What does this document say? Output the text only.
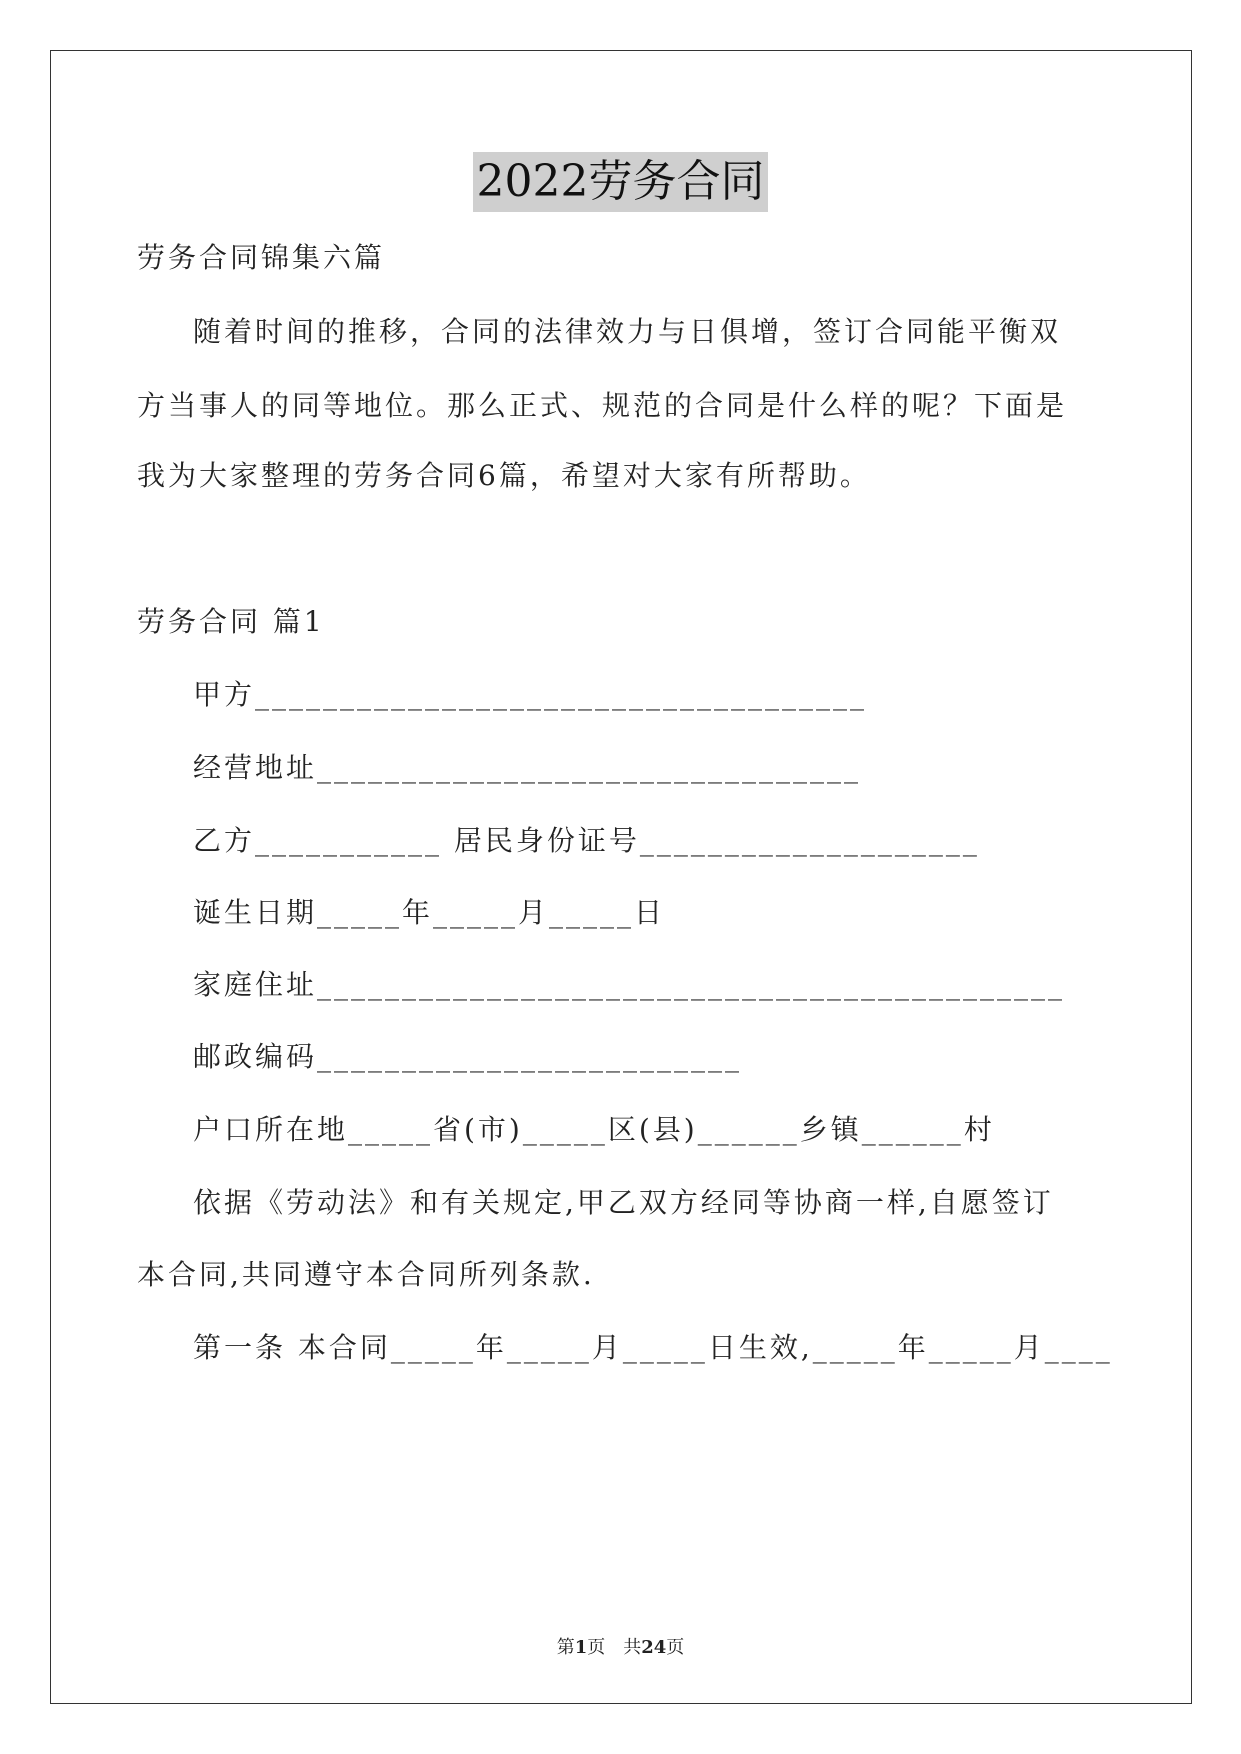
2022劳务合同
劳务合同锦集六篇
随着时间的推移，合同的法律效力与日俱增，签订合同能平衡双
方当事人的同等地位。那么正式、规范的合同是什么样的呢？下面是
我为大家整理的劳务合同6篇，希望对大家有所帮助。
劳务合同 篇1
甲方____________________________________
经营地址________________________________
乙方___________ 居民身份证号____________________
诞生日期_____年_____月_____日
家庭住址____________________________________________
邮政编码_________________________
户口所在地_____省(市)_____区(县)______乡镇______村
依据《劳动法》和有关规定,甲乙双方经同等协商一样,自愿签订
本合同,共同遵守本合同所列条款.
第一条 本合同_____年_____月_____日生效,_____年_____月____
第1页　共24页
